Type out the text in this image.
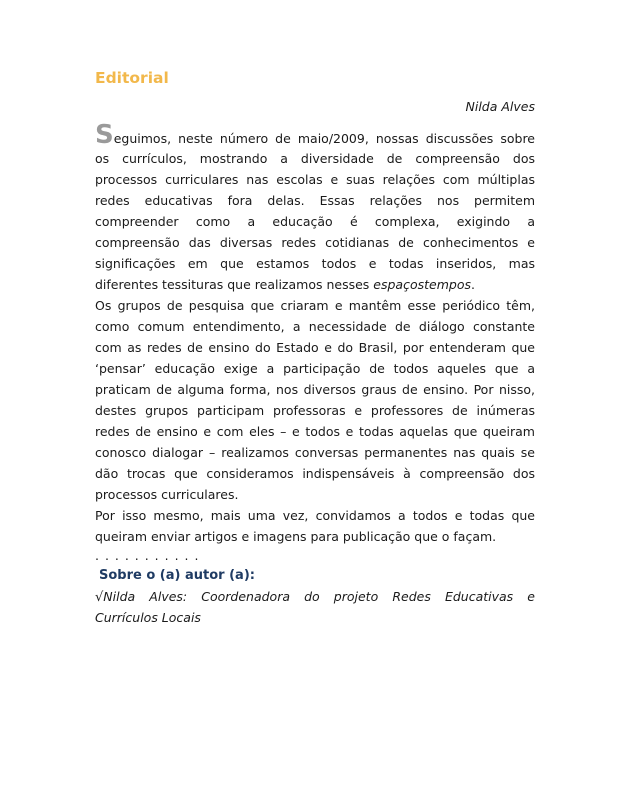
Editorial
Nilda Alves
Seguimos, neste número de maio/2009, nossas discussões sobre
os currículos, mostrando a diversidade de compreensão dos
processos curriculares nas escolas e suas relações com múltiplas
redes educativas fora delas. Essas relações nos permitem
compreender como a educação é complexa, exigindo a
compreensão das diversas redes cotidianas de conhecimentos e
significações em que estamos todos e todas inseridos, mas
diferentes tessituras que realizamos nesses espaçostempos.
Os grupos de pesquisa que criaram e mantêm esse periódico têm,
como comum entendimento, a necessidade de diálogo constante
com as redes de ensino do Estado e do Brasil, por entenderam que
‘pensar’ educação exige a participação de todos aqueles que a
praticam de alguma forma, nos diversos graus de ensino. Por nisso,
destes grupos participam professoras e professores de inúmeras
redes de ensino e com eles – e todos e todas aquelas que queiram
conosco dialogar – realizamos conversas permanentes nas quais se
dão trocas que consideramos indispensáveis à compreensão dos
processos curriculares.
Por isso mesmo, mais uma vez, convidamos a todos e todas que
queiram enviar artigos e imagens para publicação que o façam.
. . . . . . . . . . .
Sobre o (a) autor (a):
√Nilda Alves: Coordenadora do projeto Redes Educativas e
Currículos Locais
